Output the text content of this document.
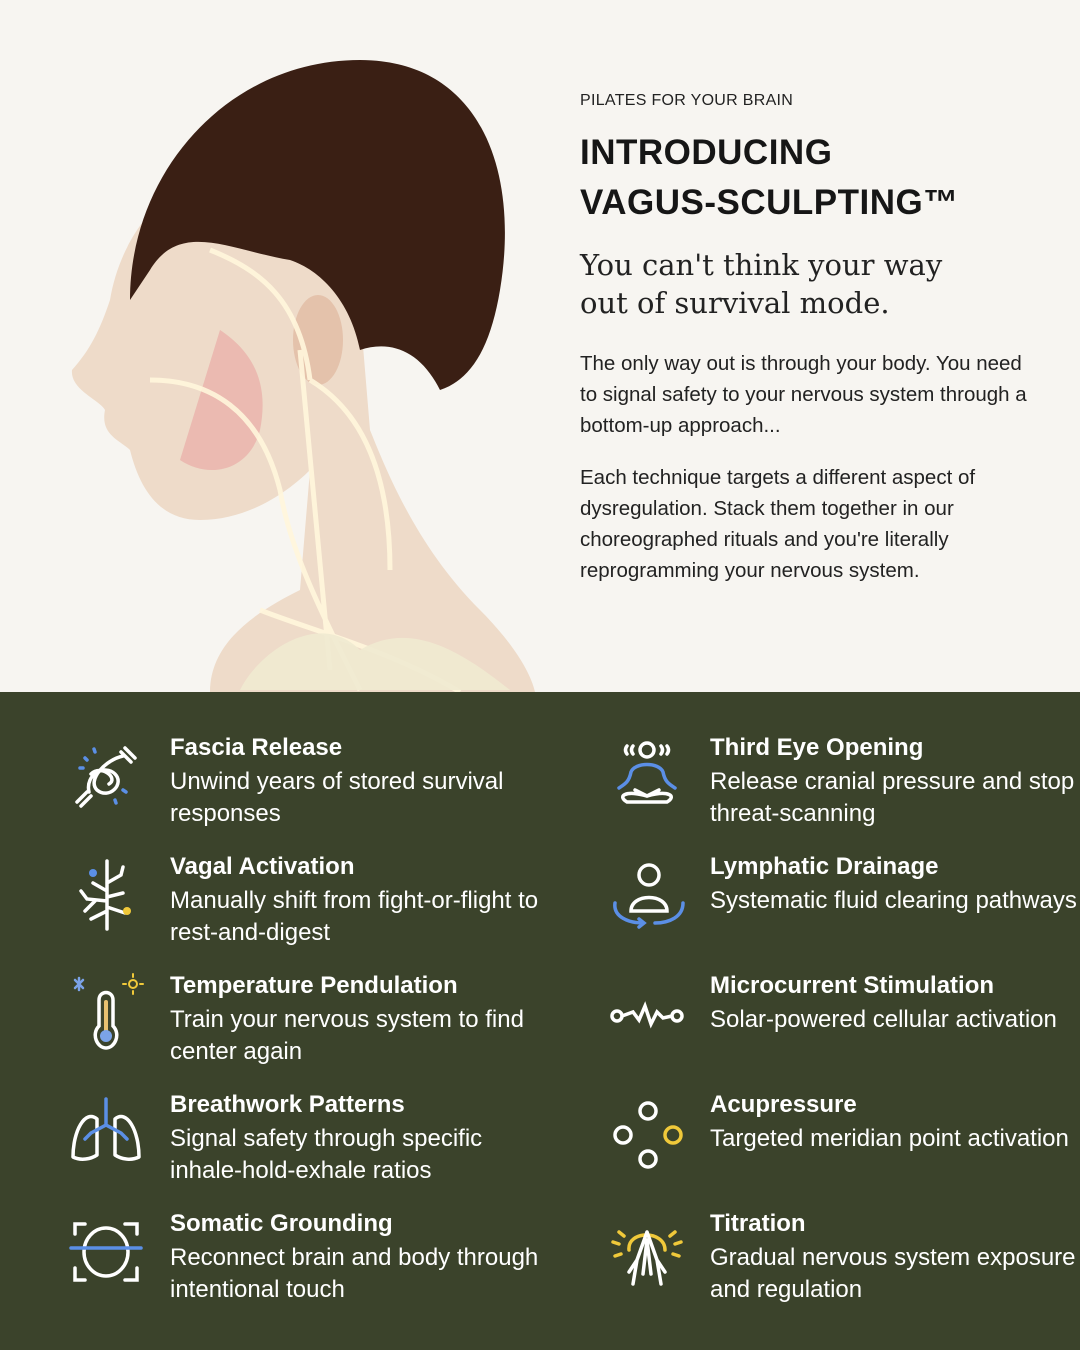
PILATES FOR YOUR BRAIN
INTRODUCING
VAGUS-SCULPTING™
You can't think your way
out of survival mode.
The only way out is through your body. You need to signal safety to your nervous system through a bottom-up approach...
Each technique targets a different aspect of dysregulation. Stack them together in our choreographed rituals and you're literally reprogramming your nervous system.
Fascia Release
Unwind years of stored survival responses
Third Eye Opening
Release cranial pressure and stop threat-scanning
Vagal Activation
Manually shift from fight-or-flight to rest-and-digest
Lymphatic Drainage
Systematic fluid clearing pathways
Temperature Pendulation
Train your nervous system to find center again
Microcurrent Stimulation
Solar-powered cellular activation
Breathwork Patterns
Signal safety through specific inhale-hold-exhale ratios
Acupressure
Targeted meridian point activation
Somatic Grounding
Reconnect brain and body through intentional touch
Titration
Gradual nervous system exposure and regulation
